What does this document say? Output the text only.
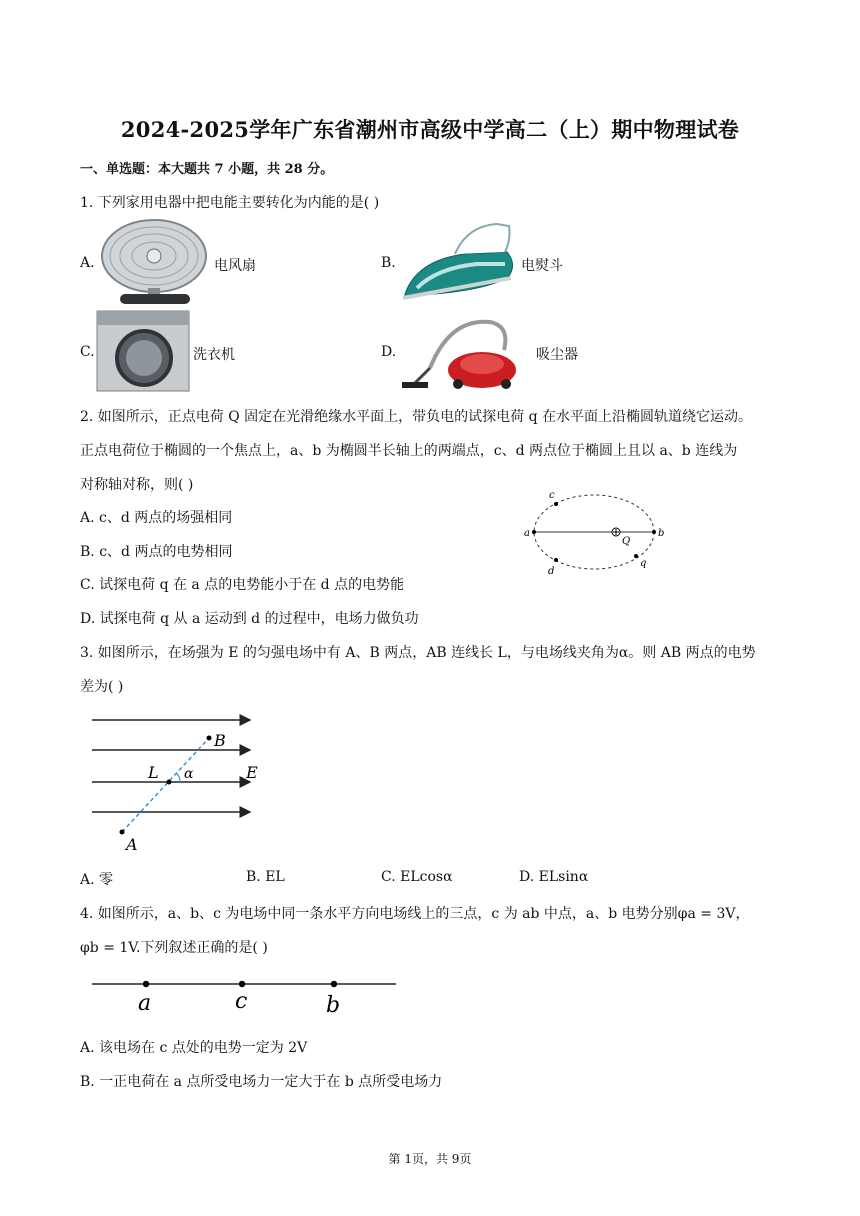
2024-2025学年广东省潮州市高级中学高二（上）期中物理试卷
一、单选题：本大题共 7 小题，共 28 分。
1. 下列家用电器中把电能主要转化为内能的是( )
A.	电风扇	B.	电熨斗
C.	洗衣机	D.	吸尘器
2. 如图所示，正点电荷 Q 固定在光滑绝缘水平面上，带负电的试探电荷 q 在水平面上沿椭圆轨道绕它运动。
正点电荷位于椭圆的一个焦点上，a、b 为椭圆半长轴上的两端点，c、d 两点位于椭圆上且以 a、b 连线为
对称轴对称，则( )
A. c、d 两点的场强相同
B. c、d 两点的电势相同
C. 试探电荷 q 在 a 点的电势能小于在 d 点的电势能
D. 试探电荷 q 从 a 运动到 d 的过程中，电场力做负功
a	b
c
d
Q
q
3. 如图所示，在场强为 E 的匀强电场中有 A、B 两点，AB 连线长 L，与电场线夹角为α。则 AB 两点的电势
差为( )
B
L α	E
A
A. 零	B. EL	C. ELcosα	D. ELsinα
4. 如图所示，a、b、c 为电场中同一条水平方向电场线上的三点，c 为 ab 中点，a、b 电势分别φa = 3V，
φb = 1V.下列叙述正确的是( )
a	c	b
A. 该电场在 c 点处的电势一定为 2V
B. 一正电荷在 a 点所受电场力一定大于在 b 点所受电场力
第 1页，共 9页
